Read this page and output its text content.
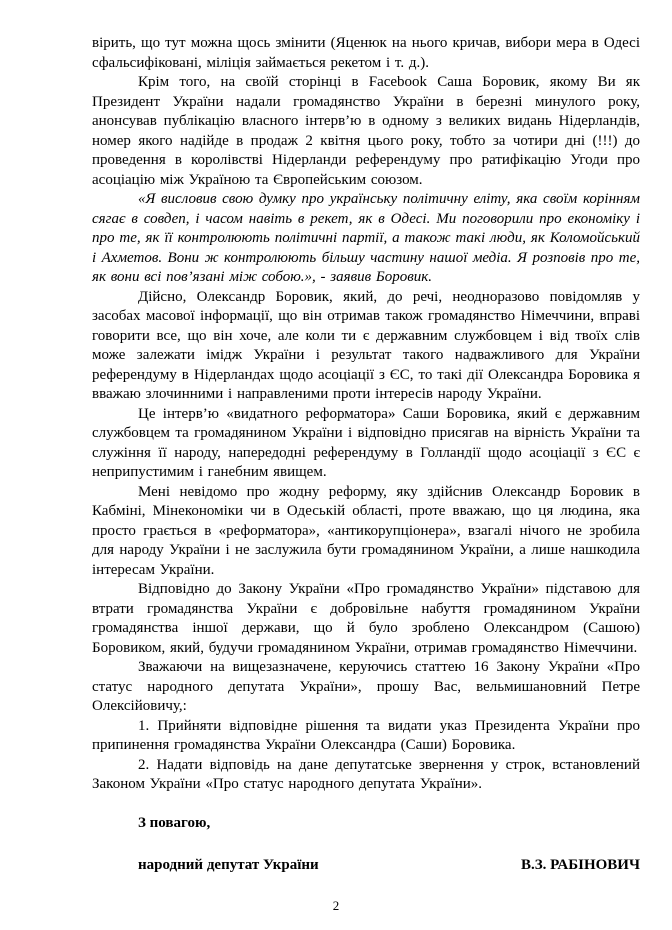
вірить, що тут можна щось змінити (Яценюк на нього кричав, вибори мера в Одесі сфальсифіковані, міліція займається рекетом і т. д.).

Крім того, на своїй сторінці в Facebook Саша Боровик, якому Ви як Президент України надали громадянство України в березні минулого року, анонсував публікацію власного інтерв’ю в одному з великих видань Нідерландів, номер якого надійде в продаж 2 квітня цього року, тобто за чотири дні (!!!) до проведення в королівстві Нідерланди референдуму про ратифікацію Угоди про асоціацію між Україною та Європейським союзом.

«Я висловив свою думку про українську політичну еліту, яка своїм корінням сягає в совдеп, і часом навіть в рекет, як в Одесі. Ми поговорили про економіку і про те, як її контролюють політичні партії, а також такі люди, як Коломойський і Ахметов. Вони ж контролюють більшу частину нашої медіа. Я розповів про те, як вони всі пов’язані між собою.», - заявив Боровик.

Дійсно, Олександр Боровик, який, до речі, неодноразово повідомляв у засобах масової інформації, що він отримав також громадянство Німеччини, вправі говорити все, що він хоче, але коли ти є державним службовцем і від твоїх слів може залежати імідж України і результат такого надважливого для України референдуму в Нідерландах щодо асоціації з ЄС, то такі дії Олександра Боровика я вважаю злочинними і направленими проти інтересів народу України.

Це інтерв’ю «видатного реформатора» Саши Боровика, який є державним службовцем та громадянином України і відповідно присягав на вірність України та служіння її народу, напередодні референдуму в Голландії щодо асоціації з ЄС є неприпустимим і ганебним явищем.

Мені невідомо про жодну реформу, яку здійснив Олександр Боровик в Кабміні, Мінекономіки чи в Одеській області, проте вважаю, що ця людина, яка просто грається в «реформатора», «антикорупціонера», взагалі нічого не зробила для народу України і не заслужила бути громадянином України, а лише нашкодила інтересам України.

Відповідно до Закону України «Про громадянство України» підставою для втрати громадянства України є добровільне набуття громадянином України громадянства іншої держави, що й було зроблено Олександром (Сашою) Боровиком, який, будучи громадянином України, отримав громадянство Німеччини.

Зважаючи на вищезазначене, керуючись статтею 16 Закону України «Про статус народного депутата України», прошу Вас, вельмишановний Петре Олексійовичу,:

1. Прийняти відповідне рішення та видати указ Президента України про припинення громадянства України Олександра (Саши) Боровика.

2. Надати відповідь на дане депутатське звернення у строк, встановлений Законом України «Про статус народного депутата України».

З повагою,

народний депутат України	В.З. РАБІНОВИЧ
2
